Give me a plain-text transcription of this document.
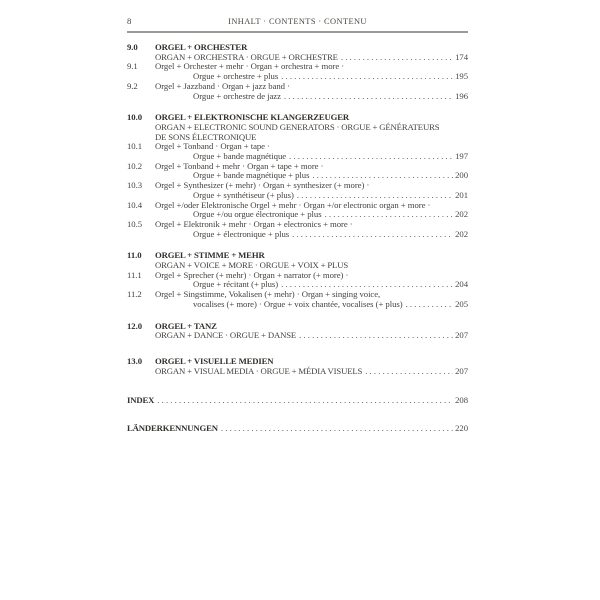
8	INHALT · CONTENTS · CONTENU
9.0	ORGEL + ORCHESTER
ORGAN + ORCHESTRA · ORGUE + ORCHESTRE . . .	174
9.1	Orgel + Orchester + mehr · Organ + orchestra + more ·
Orgue + orchestre + plus . . .	195
9.2	Orgel + Jazzband · Organ + jazz band ·
Orgue + orchestre de jazz . . .	196
10.0	ORGEL + ELEKTRONISCHE KLANGERZEUGER
ORGAN + ELECTRONIC SOUND GENERATORS · ORGUE + GÉNÉRATEURS
DE SONS ÉLECTRONIQUE
10.1	Orgel + Tonband · Organ + tape ·
Orgue + bande magnétique . . .	197
10.2	Orgel + Tonband + mehr · Organ + tape + more ·
Orgue + bande magnétique + plus . . .	200
10.3	Orgel + Synthesizer (+ mehr) · Organ + synthesizer (+ more) ·
Orgue + synthétiseur (+ plus) . . .	201
10.4	Orgel +/oder Elektronische Orgel + mehr · Organ +/or electronic organ + more ·
Orgue +/ou orgue électronique + plus . . .	202
10.5	Orgel + Elektronik + mehr · Organ + electronics + more ·
Orgue + électronique + plus . . .	202
11.0	ORGEL + STIMME + MEHR
ORGAN + VOICE + MORE · ORGUE + VOIX + PLUS
11.1	Orgel + Sprecher (+ mehr) · Organ + narrator (+ more) ·
Orgue + récitant (+ plus) . . .	204
11.2	Orgel + Singstimme, Vokalisen (+ mehr) · Organ + singing voice,
vocalises (+ more) · Orgue + voix chantée, vocalises (+ plus) . . .	205
12.0	ORGEL + TANZ
ORGAN + DANCE · ORGUE + DANSE . . .	207
13.0	ORGEL + VISUELLE MEDIEN
ORGAN + VISUAL MEDIA · ORGUE + MÉDIA VISUELS . . .	207
INDEX . . .	208
LÄNDERKENNUNGEN . . .	220
